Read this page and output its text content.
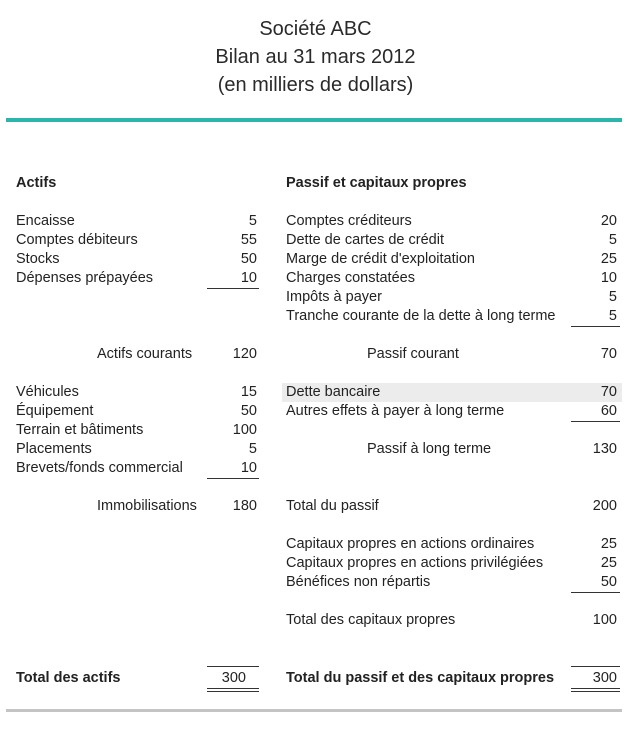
Société ABC
Bilan au 31 mars 2012
(en milliers de dollars)
Actifs
Encaisse	5
Comptes débiteurs	55
Stocks	50
Dépenses prépayées	10
Actifs courants	120
Véhicules	15
Équipement	50
Terrain et bâtiments	100
Placements	5
Brevets/fonds commercial	10
Immobilisations	180
Total des actifs	300
Passif et capitaux propres
Comptes créditeurs	20
Dette de cartes de crédit	5
Marge de crédit d'exploitation	25
Charges constatées	10
Impôts à payer	5
Tranche courante de la dette à long terme	5
Passif courant	70
Dette bancaire	70
Autres effets à payer à long terme	60
Passif à long terme	130
Total du passif	200
Capitaux propres en actions ordinaires	25
Capitaux propres en actions privilégiées	25
Bénéfices non répartis	50
Total des capitaux propres	100
Total du passif et des capitaux propres	300
